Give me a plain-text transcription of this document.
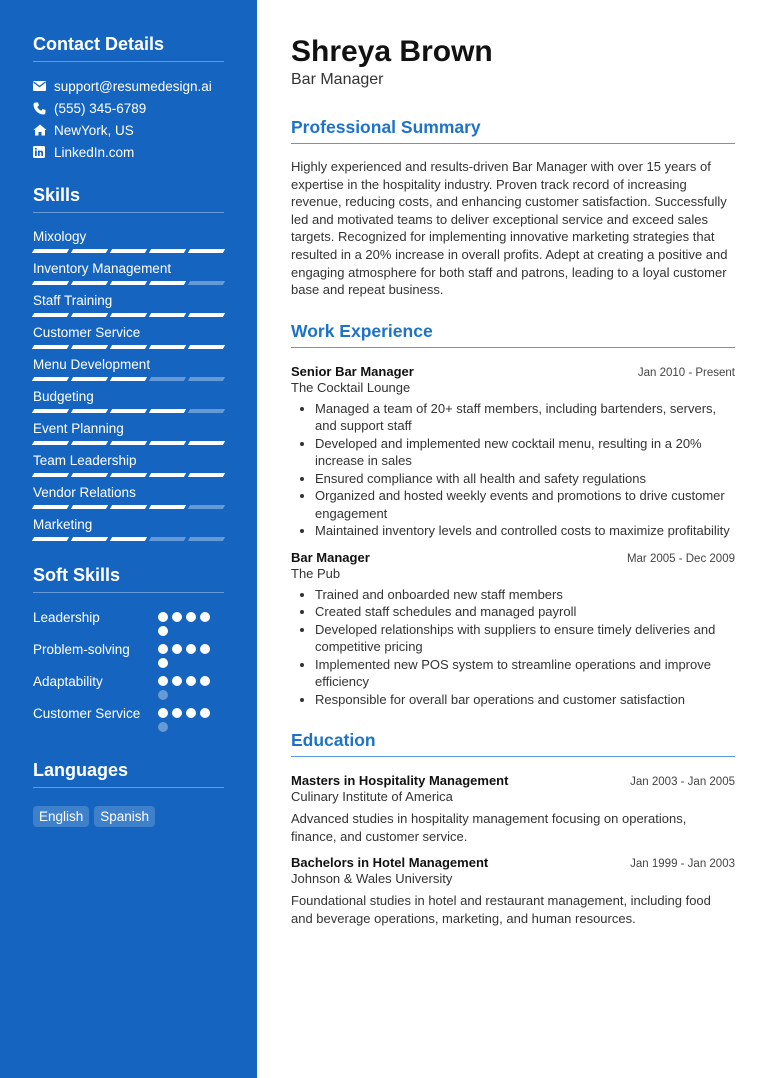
Contact Details
support@resumedesign.ai
(555) 345-6789
NewYork, US
LinkedIn.com
Skills
Mixology
Inventory Management
Staff Training
Customer Service
Menu Development
Budgeting
Event Planning
Team Leadership
Vendor Relations
Marketing
Soft Skills
Leadership
Problem-solving
Adaptability
Customer Service
Languages
English	Spanish
Shreya Brown
Bar Manager
Professional Summary

Highly experienced and results-driven Bar Manager with over 15 years of expertise in the hospitality industry. Proven track record of increasing revenue, reducing costs, and enhancing customer satisfaction. Successfully led and motivated teams to deliver exceptional service and exceed sales targets. Recognized for implementing innovative marketing strategies that resulted in a 20% increase in overall profits. Adept at creating a positive and engaging atmosphere for both staff and patrons, leading to a loyal customer base and repeat business.

Work Experience
Senior Bar Manager	Jan 2010 - Present
The Cocktail Lounge
• Managed a team of 20+ staff members, including bartenders, servers, and support staff
• Developed and implemented new cocktail menu, resulting in a 20% increase in sales
• Ensured compliance with all health and safety regulations
• Organized and hosted weekly events and promotions to drive customer engagement
• Maintained inventory levels and controlled costs to maximize profitability
Bar Manager	Mar 2005 - Dec 2009
The Pub
• Trained and onboarded new staff members
• Created staff schedules and managed payroll
• Developed relationships with suppliers to ensure timely deliveries and competitive pricing
• Implemented new POS system to streamline operations and improve efficiency
• Responsible for overall bar operations and customer satisfaction
Education
Masters in Hospitality Management	Jan 2003 - Jan 2005
Culinary Institute of America

Advanced studies in hospitality management focusing on operations, finance, and customer service.

Bachelors in Hotel Management	Jan 1999 - Jan 2003
Johnson & Wales University

Foundational studies in hotel and restaurant management, including food and beverage operations, marketing, and human resources.
